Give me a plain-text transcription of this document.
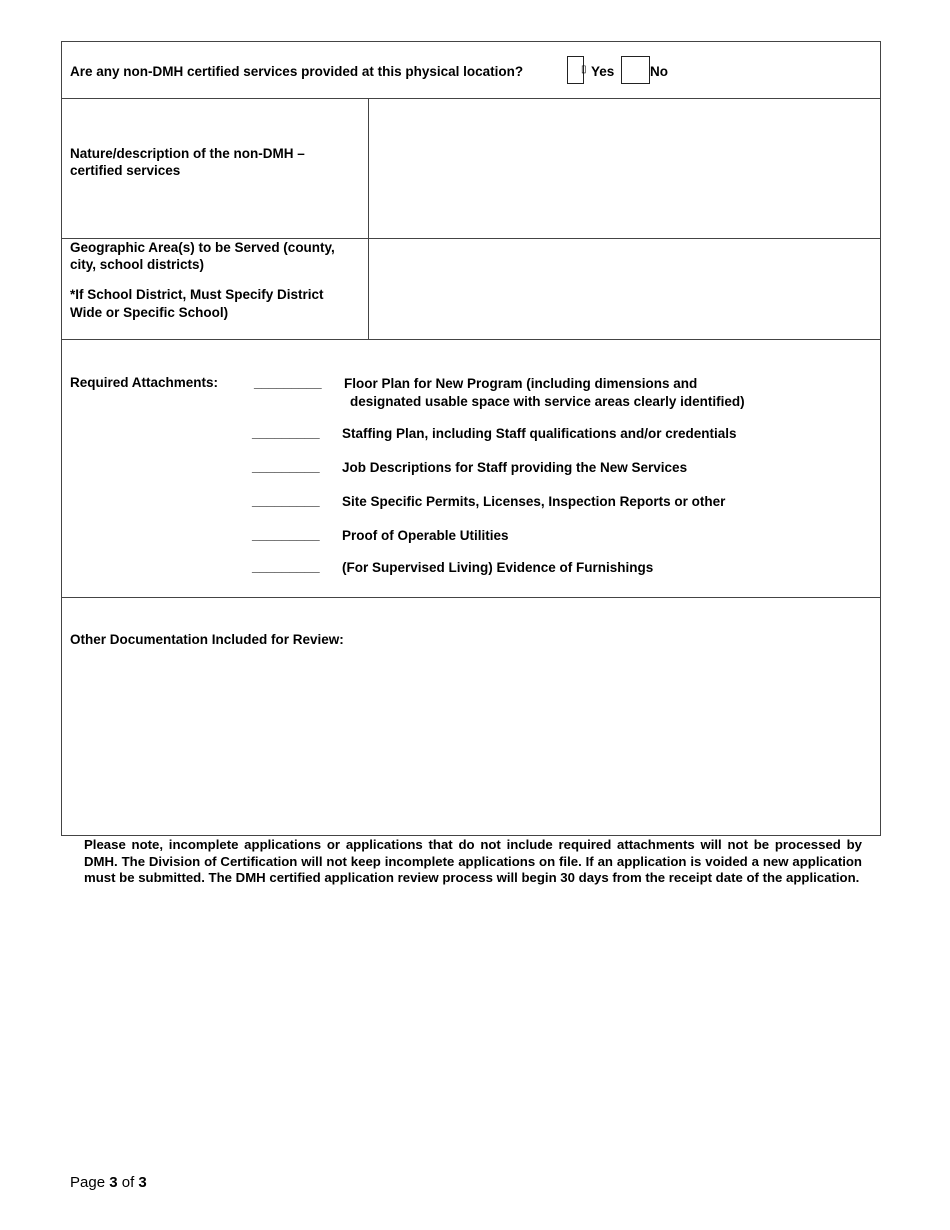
Are any non-DMH certified services provided at this physical location?	▯ Yes	No
Nature/description of the non-DMH – certified services
Geographic Area(s) to be Served (county, city, school districts)
*If School District, Must Specify District Wide or Specific School)
Required Attachments:	_________ Floor Plan for New Program (including dimensions and
designated usable space with service areas clearly identified)
_________ Staffing Plan, including Staff qualifications and/or credentials
_________ Job Descriptions for Staff providing the New Services
_________ Site Specific Permits, Licenses, Inspection Reports or other
_________ Proof of Operable Utilities
_________ (For Supervised Living) Evidence of Furnishings
Other Documentation Included for Review:
Please note, incomplete applications or applications that do not include required attachments will not be processed by DMH. The Division of Certification will not keep incomplete applications on file. If an application is voided a new application must be submitted. The DMH certified application review process will begin 30 days from the receipt date of the application.
Page 3 of 3
